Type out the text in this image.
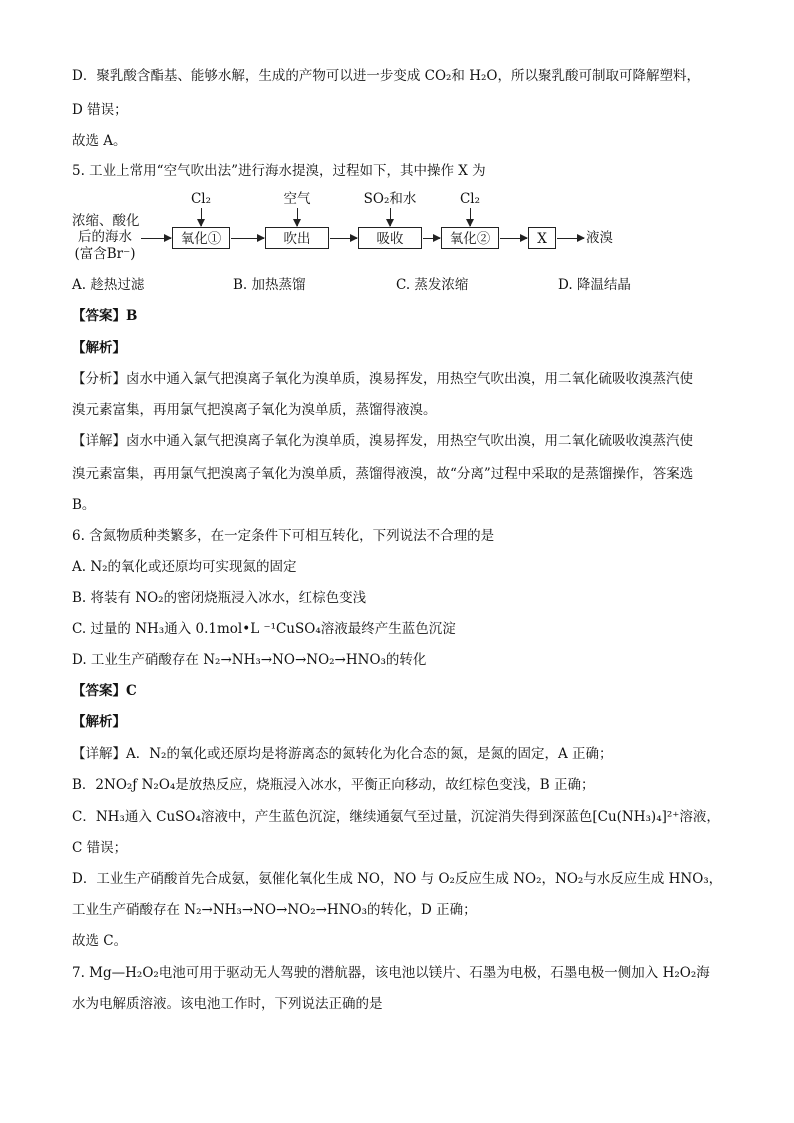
D．聚乳酸含酯基、能够水解，生成的产物可以进一步变成 CO₂和 H₂O，所以聚乳酸可制取可降解塑料，
D 错误；
故选 A。
5. 工业上常用“空气吹出法”进行海水提溴，过程如下，其中操作 X 为
浓缩、酸化
后的海水
(富含Br⁻)
氧化①	吹出	吸收	氧化②	X	液溴
Cl₂	空气	SO₂和水	Cl₂
A. 趁热过滤	B. 加热蒸馏	C. 蒸发浓缩	D. 降温结晶
【答案】B
【解析】
【分析】卤水中通入氯气把溴离子氧化为溴单质，溴易挥发，用热空气吹出溴，用二氧化硫吸收溴蒸汽使
溴元素富集，再用氯气把溴离子氧化为溴单质，蒸馏得液溴。
【详解】卤水中通入氯气把溴离子氧化为溴单质，溴易挥发，用热空气吹出溴，用二氧化硫吸收溴蒸汽使
溴元素富集，再用氯气把溴离子氧化为溴单质，蒸馏得液溴，故“分离”过程中采取的是蒸馏操作，答案选
B。
6. 含氮物质种类繁多，在一定条件下可相互转化，下列说法不合理的是
A. N₂的氧化或还原均可实现氮的固定
B. 将装有 NO₂的密闭烧瓶浸入冰水，红棕色变浅
C. 过量的 NH₃通入 0.1mol•L ⁻¹CuSO₄溶液最终产生蓝色沉淀
D. 工业生产硝酸存在 N₂→NH₃→NO→NO₂→HNO₃的转化
【答案】C
【解析】
【详解】A．N₂的氧化或还原均是将游离态的氮转化为化合态的氮，是氮的固定，A 正确；
B．2NO₂ƒ N₂O₄是放热反应，烧瓶浸入冰水，平衡正向移动，故红棕色变浅，B 正确；
C．NH₃通入 CuSO₄溶液中，产生蓝色沉淀，继续通氨气至过量，沉淀消失得到深蓝色[Cu(NH₃)₄]²⁺溶液，
C 错误；
D．工业生产硝酸首先合成氨，氨催化氧化生成 NO，NO 与 O₂反应生成 NO₂，NO₂与水反应生成 HNO₃，
工业生产硝酸存在 N₂→NH₃→NO→NO₂→HNO₃的转化，D 正确；
故选 C。
7. Mg—H₂O₂电池可用于驱动无人驾驶的潜航器，该电池以镁片、石墨为电极，石墨电极一侧加入 H₂O₂海
水为电解质溶液。该电池工作时，下列说法正确的是
